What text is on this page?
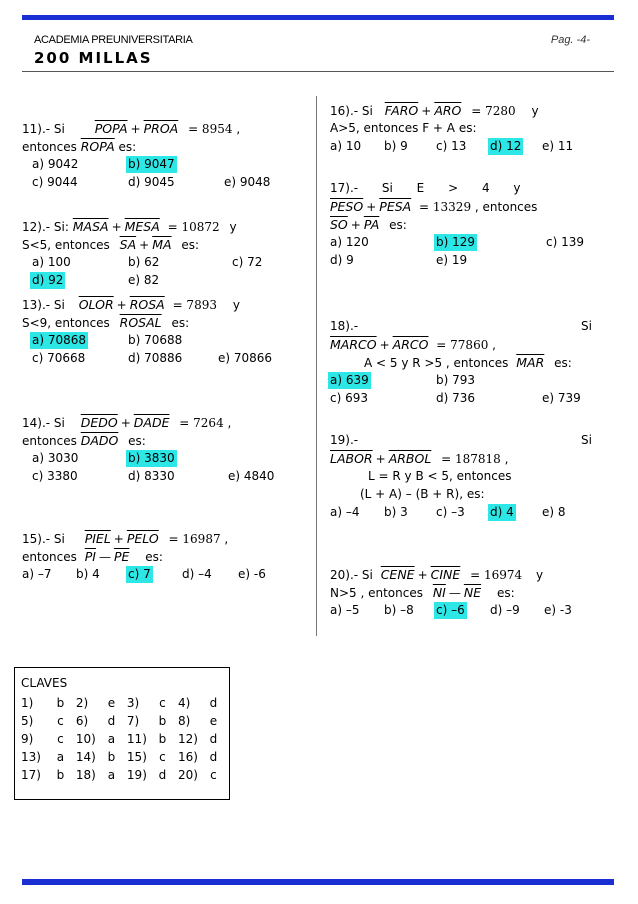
ACADEMIA PREUNIVERSITARIA	Pag. -4-
200 MILLAS
11).- Si POPA + PROA = 8954 ,
entonces ROPA es:
a) 9042	b) 9047
c) 9044	d) 9045	e) 9048
12).- Si: MASA + MESA = 10872 y
S<5, entonces $\overline{SA} + \overline{MA}$ es:
a) 100	b) 62	c) 72
d) 92	e) 82
13).- Si OLOR + ROSA = 7893 y
S<9, entonces ROSAL es:
a) 70868	b) 70688
c) 70668	d) 70886	e) 70866
14).- Si DEDO + DADE = 7264 ,
entonces DADO es:
a) 3030	b) 3830
c) 3380	d) 8330	e) 4840
15).- Si PIEL + PELO = 16987 ,
entonces $\overline{PI}$ — $\overline{PE}$ es:
a) –7 b) 4 c) 7	d) –4 e) -6
16).- Si FARO + $\overline{ARO} = 7280$ y
A>5, entonces F + A es:
a) 10 b) 9 c) 13 d) 12 e) 11
17).- Si E > 4 y
PESO + PESA = 13329 , entonces
$\overline{SO} + \overline{PA}$ es:
a) 120	b) 129	c) 139
d) 9	e) 19
18).-	Si
MARCO + ARCO = 77860 ,
A < 5 y R >5 , entonces $\overline{MAR}$ es:
a) 639	b) 793
c) 693	d) 736	e) 739
19).-	Si
LABOR + ARBOL = 187818 ,
L = R y B < 5, entonces
(L + A) – (B + R), es:
a) –4 b) 3 c) –3 d) 4 e) 8
20).- Si CENE + CINE = 16974 y
N>5 , entonces $\overline{NI}$ — $\overline{NE}$ es:
a) –5 b) –8 c) –6 d) –9 e) -3
CLAVES
1)	b	2)	e	3)	c	4)	d
5)	c	6)	d	7)	b	8)	e
9)	c	10)	a	11)	b	12)	d
13)	a	14)	b	15)	c	16)	d
17)	b	18)	a	19)	d	20)	c
